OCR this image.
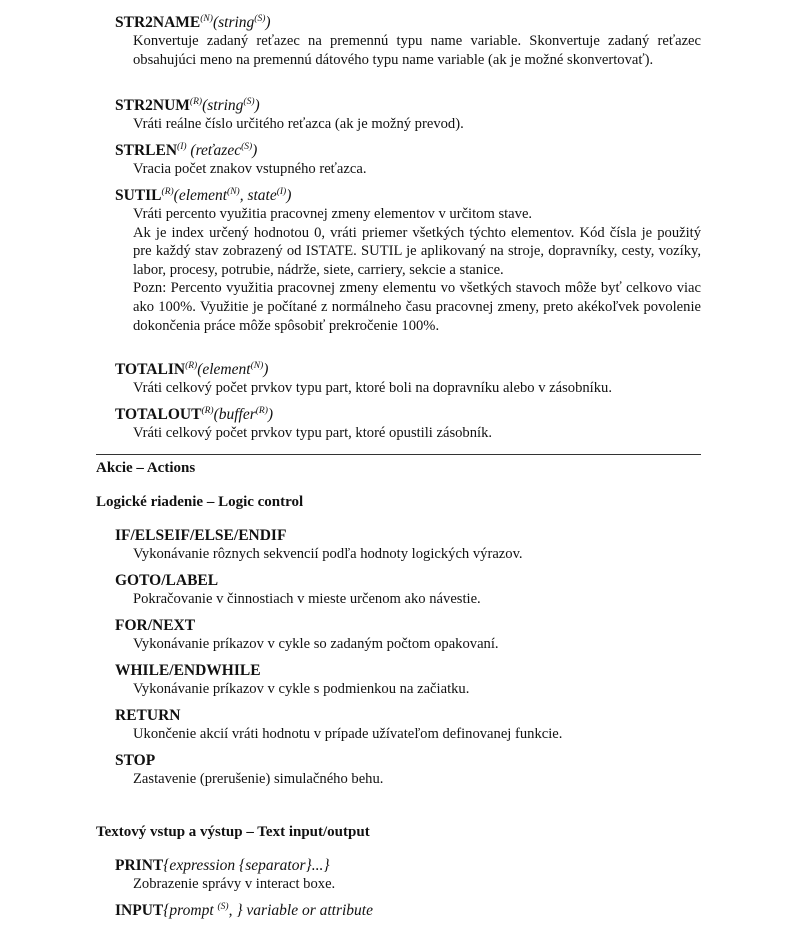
$STR2NAME^{(N)}(string^{(S)})$

Konvertuje zadaný reťazec na premennú typu name variable. Skonvertuje zadaný reťazec obsahujúci meno na premennú dátového typu name variable (ak je možné skonvertovať).

$STR2NUM^{(R)}(string^{(S)})$

Vráti reálne číslo určitého reťazca (ak je možný prevod).

$STRLEN^{(I)}$ (reťazec$^{(S)}$)

Vracia počet znakov vstupného reťazca.

$SUTIL^{(R)}(element^{(N)}$, state$^{(I)}$)

Vráti percento využitia pracovnej zmeny elementov v určitom stave.

Ak je index určený hodnotou 0, vráti priemer všetkých týchto elementov. Kód čísla je použitý pre každý stav zobrazený od ISTATE. SUTIL je aplikovaný na stroje, dopravníky, cesty, vozíky, labor, procesy, potrubie, nádrže, siete, carriery, sekcie a stanice.

Pozn: Percento využitia pracovnej zmeny elementu vo všetkých stavoch môže byť celkovo viac ako 100%. Využitie je počítané z normálneho času pracovnej zmeny, preto akékoľvek povolenie dokončenia práce môže spôsobiť prekročenie 100%.

$TOTALIN^{(R)}(element^{(N)})$

Vráti celkový počet prvkov typu part, ktoré boli na dopravníku alebo v zásobníku.

$TOTALOUT^{(R)}(buffer^{(R)})$

Vráti celkový počet prvkov typu part, ktoré opustili zásobník.

Akcie – Actions
Logické riadenie – Logic control
IF/ELSEIF/ELSE/ENDIF

Vykonávanie rôznych sekvencií podľa hodnoty logických výrazov.

GOTO/LABEL

Pokračovanie v činnostiach v mieste určenom ako návestie.

FOR/NEXT

Vykonávanie príkazov v cykle so zadaným počtom opakovaní.

WHILE/ENDWHILE

Vykonávanie príkazov v cykle s podmienkou na začiatku.

RETURN

Ukončenie akcií vráti hodnotu v prípade užívateľom definovanej funkcie.

STOP

Zastavenie (prerušenie) simulačného behu.

Textový vstup a výstup – Text input/output
PRINT{expression {separator}...}

Zobrazenie správy v interact boxe.

INPUT{prompt $^{(S)}$, } variable or attribute
